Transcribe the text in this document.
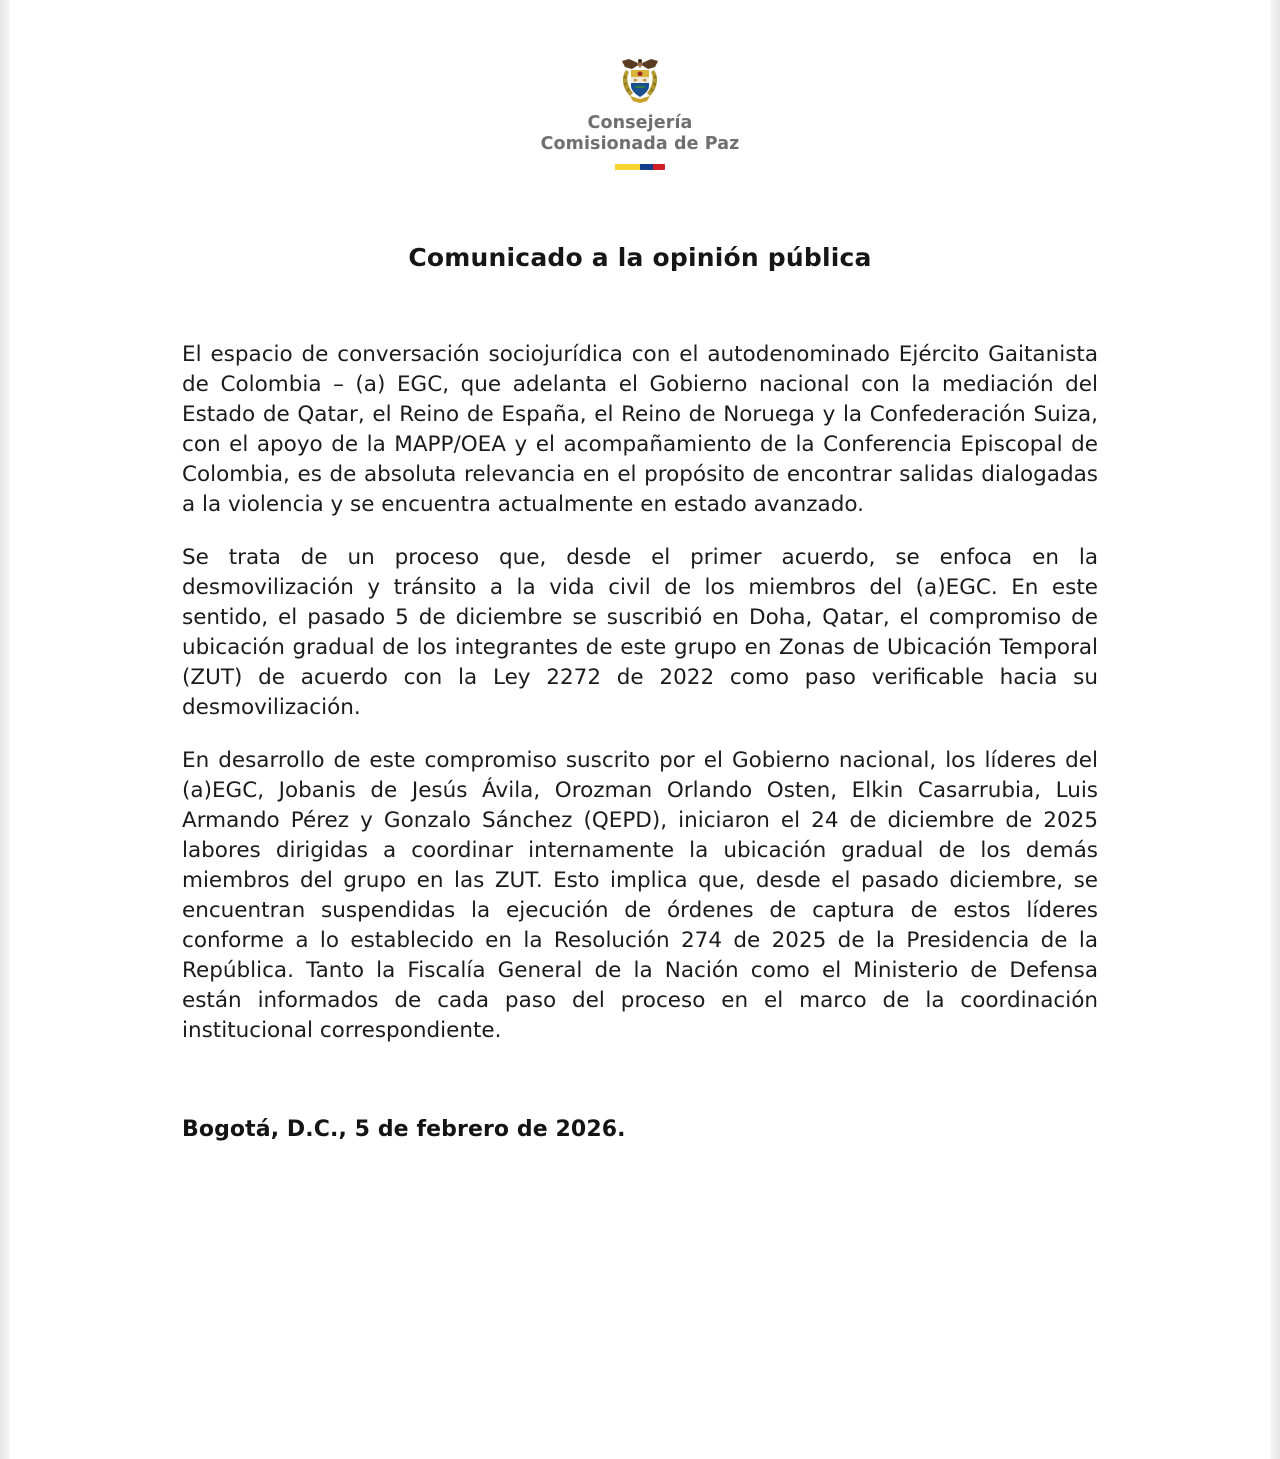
Consejería
Comisionada de Paz
Comunicado a la opinión pública

El espacio de conversación sociojurídica con el autodenominado Ejército Gaitanista de Colombia – (a) EGC, que adelanta el Gobierno nacional con la mediación del Estado de Qatar, el Reino de España, el Reino de Noruega y la Confederación Suiza, con el apoyo de la MAPP/OEA y el acompañamiento de la Conferencia Episcopal de Colombia, es de absoluta relevancia en el propósito de encontrar salidas dialogadas a la violencia y se encuentra actualmente en estado avanzado.

Se trata de un proceso que, desde el primer acuerdo, se enfoca en la desmovilización y tránsito a la vida civil de los miembros del (a)EGC. En este sentido, el pasado 5 de diciembre se suscribió en Doha, Qatar, el compromiso de ubicación gradual de los integrantes de este grupo en Zonas de Ubicación Temporal (ZUT) de acuerdo con la Ley 2272 de 2022 como paso verificable hacia su desmovilización.

En desarrollo de este compromiso suscrito por el Gobierno nacional, los líderes del (a)EGC, Jobanis de Jesús Ávila, Orozman Orlando Osten, Elkin Casarrubia, Luis Armando Pérez y Gonzalo Sánchez (QEPD), iniciaron el 24 de diciembre de 2025 labores dirigidas a coordinar internamente la ubicación gradual de los demás miembros del grupo en las ZUT. Esto implica que, desde el pasado diciembre, se encuentran suspendidas la ejecución de órdenes de captura de estos líderes conforme a lo establecido en la Resolución 274 de 2025 de la Presidencia de la República. Tanto la Fiscalía General de la Nación como el Ministerio de Defensa están informados de cada paso del proceso en el marco de la coordinación institucional correspondiente.

Bogotá, D.C., 5 de febrero de 2026.
